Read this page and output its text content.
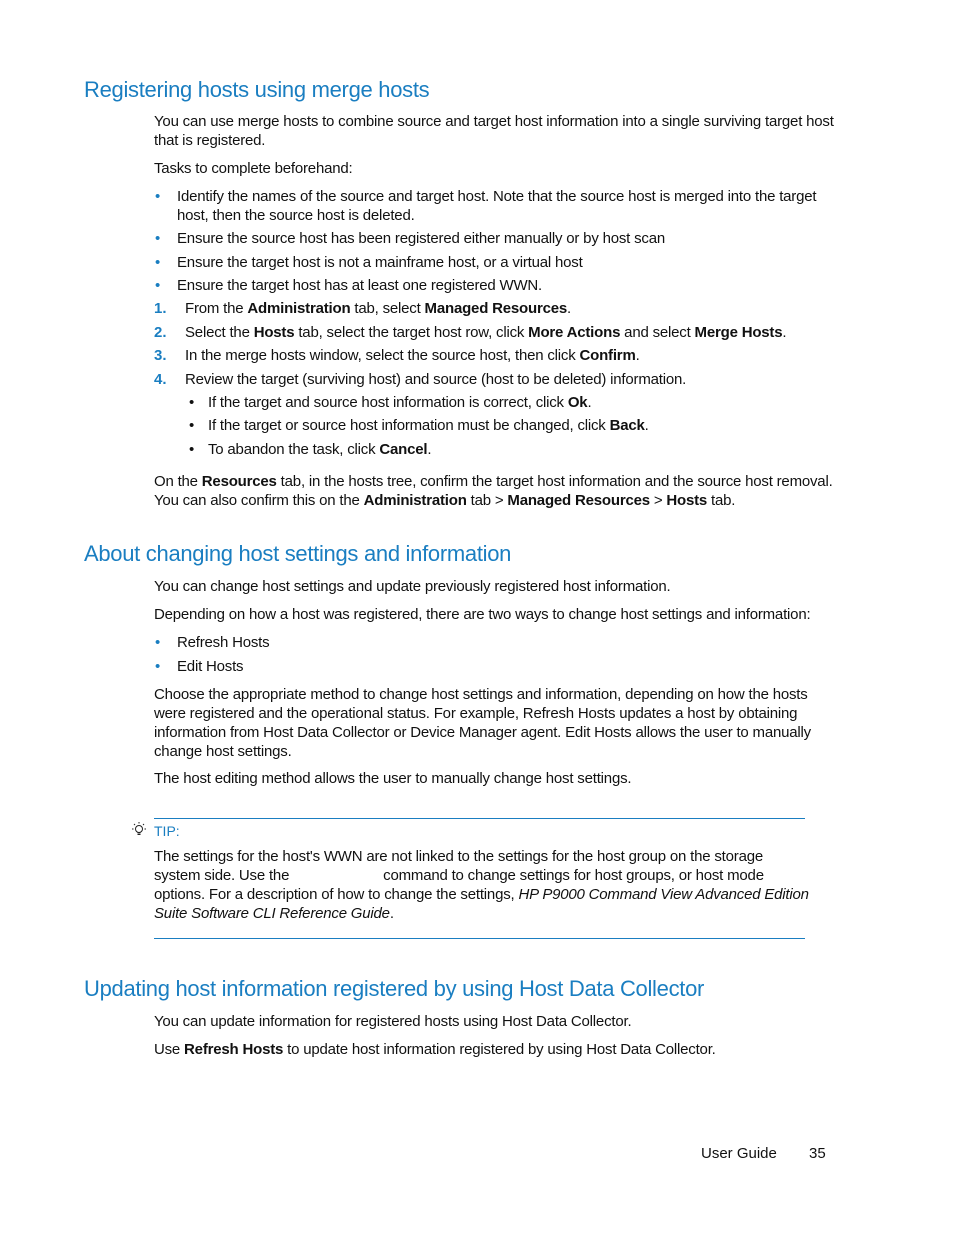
Registering hosts using merge hosts

You can use merge hosts to combine source and target host information into a single surviving target host that is registered.

Tasks to complete beforehand:

• Identify the names of the source and target host. Note that the source host is merged into the target host, then the source host is deleted.

• Ensure the source host has been registered either manually or by host scan

• Ensure the target host is not a mainframe host, or a virtual host

• Ensure the target host has at least one registered WWN.

1. From the Administration tab, select Managed Resources.

2. Select the Hosts tab, select the target host row, click More Actions and select Merge Hosts.

3. In the merge hosts window, select the source host, then click Confirm.

4. Review the target (surviving host) and source (host to be deleted) information.

• If the target and source host information is correct, click Ok.

• If the target or source host information must be changed, click Back.

• To abandon the task, click Cancel.

On the Resources tab, in the hosts tree, confirm the target host information and the source host removal. You can also confirm this on the Administration tab > Managed Resources > Hosts tab.

About changing host settings and information

You can change host settings and update previously registered host information.

Depending on how a host was registered, there are two ways to change host settings and information:

• Refresh Hosts

• Edit Hosts

Choose the appropriate method to change host settings and information, depending on how the hosts were registered and the operational status. For example, Refresh Hosts updates a host by obtaining information from Host Data Collector or Device Manager agent. Edit Hosts allows the user to manually change host settings.

The host editing method allows the user to manually change host settings.

TIP:

The settings for the host's WWN are not linked to the settings for the host group on the storage system side. Use the	command to change settings for host groups, or host mode options. For a description of how to change the settings, HP P9000 Command View Advanced Edition Suite Software CLI Reference Guide.

Updating host information registered by using Host Data Collector

You can update information for registered hosts using Host Data Collector.

Use Refresh Hosts to update host information registered by using Host Data Collector.

User Guide 35
